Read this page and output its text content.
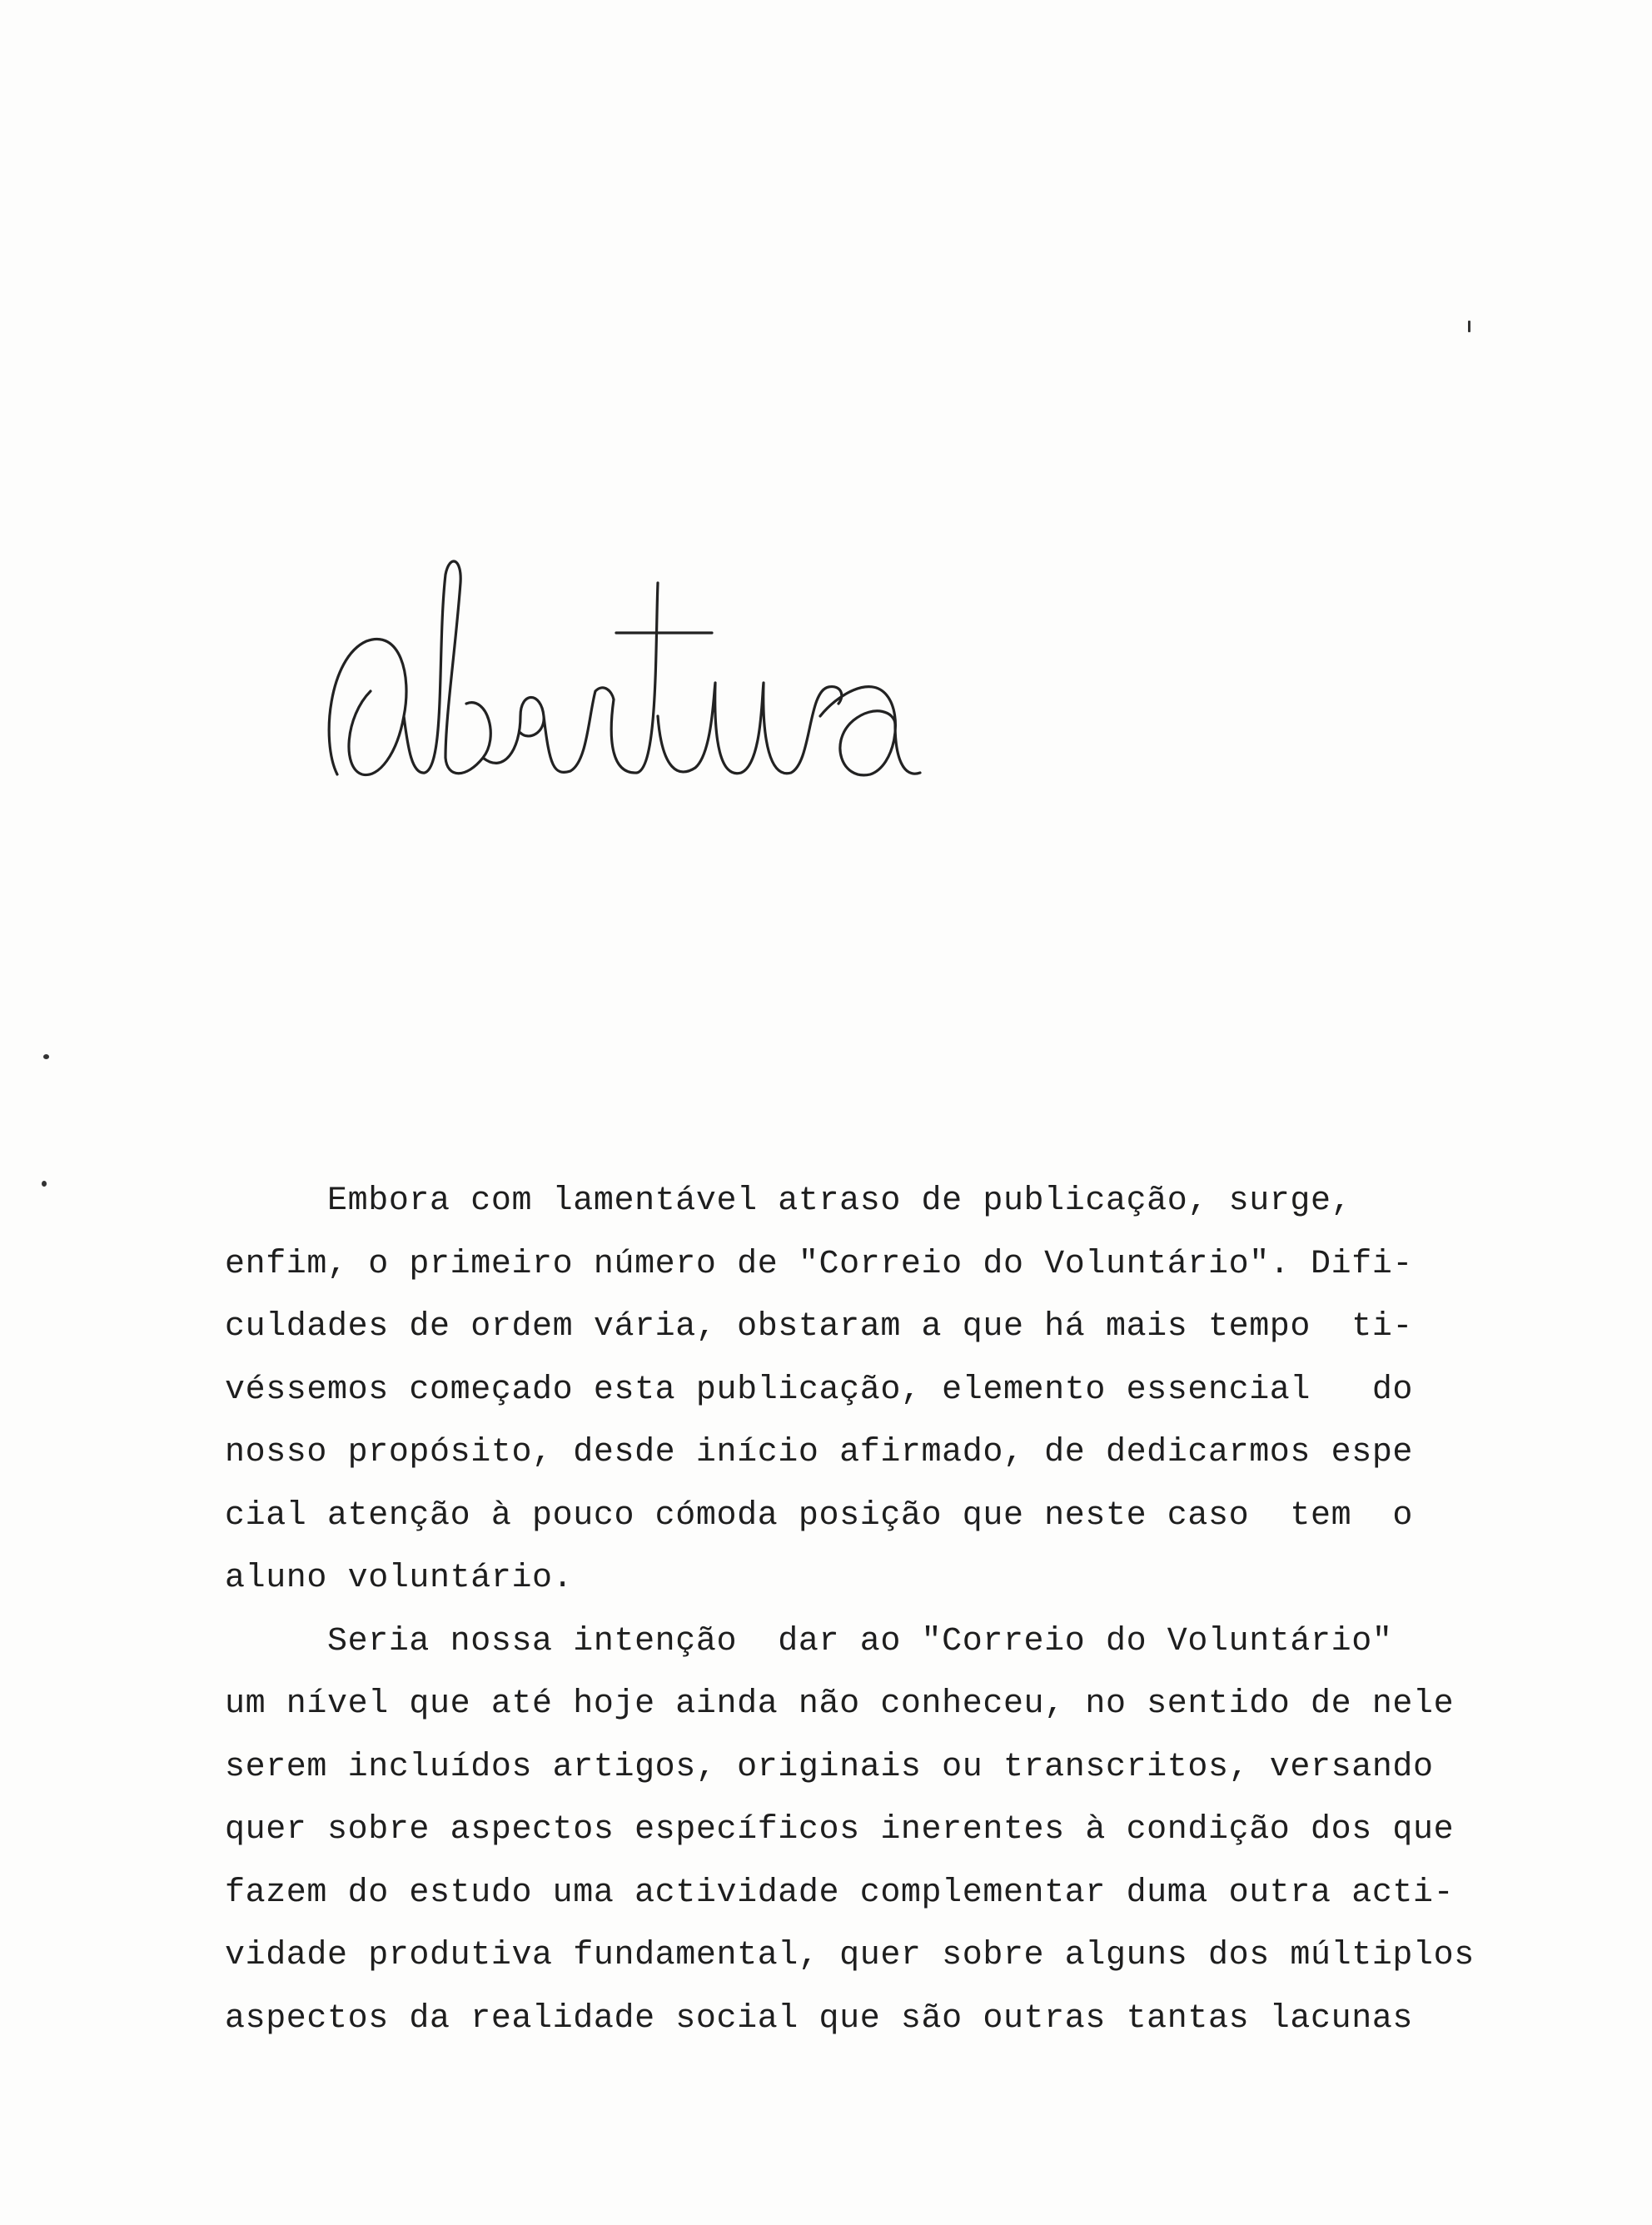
Embora com lamentável atraso de publicação, surge,
enfim, o primeiro número de "Correio do Voluntário". Difi-
culdades de ordem vária, obstaram a que há mais tempo  ti-
véssemos começado esta publicação, elemento essencial   do
nosso propósito, desde início afirmado, de dedicarmos espe
cial atenção à pouco cómoda posição que neste caso  tem  o
aluno voluntário.
Seria nossa intenção  dar ao "Correio do Voluntário"
um nível que até hoje ainda não conheceu, no sentido de nele
serem incluídos artigos, originais ou transcritos, versando
quer sobre aspectos específicos inerentes à condição dos que
fazem do estudo uma actividade complementar duma outra acti-
vidade produtiva fundamental, quer sobre alguns dos múltiplos
aspectos da realidade social que são outras tantas lacunas
